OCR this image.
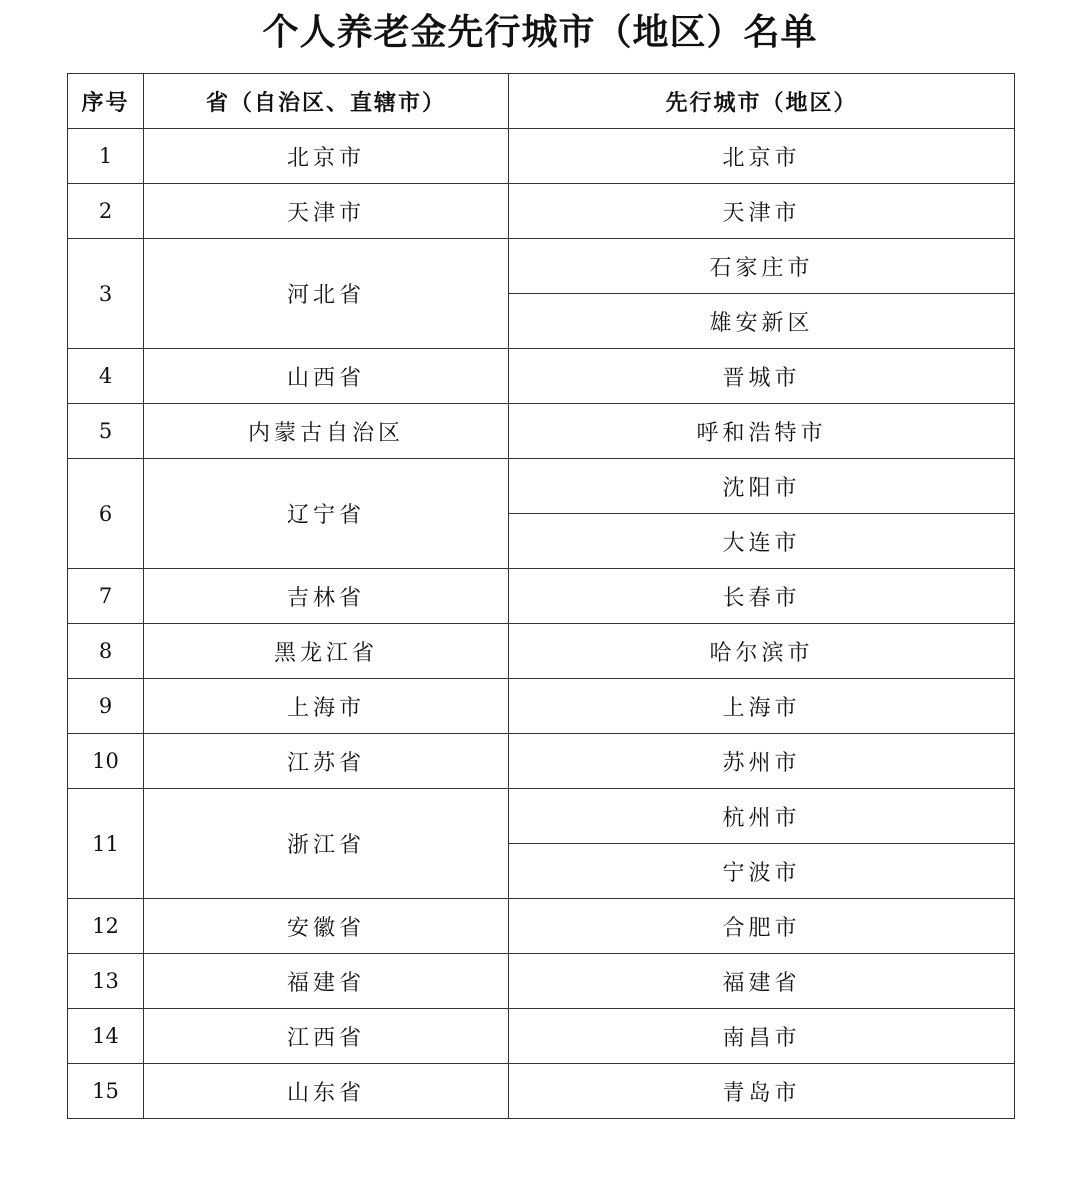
个人养老金先行城市（地区）名单
序号	省（自治区、直辖市）	先行城市（地区）
1	北京市	北京市
2	天津市	天津市
3	河北省	石家庄市
		雄安新区
4	山西省	晋城市
5	内蒙古自治区	呼和浩特市
6	辽宁省	沈阳市
		大连市
7	吉林省	长春市
8	黑龙江省	哈尔滨市
9	上海市	上海市
10	江苏省	苏州市
11	浙江省	杭州市
		宁波市
12	安徽省	合肥市
13	福建省	福建省
14	江西省	南昌市
15	山东省	青岛市
